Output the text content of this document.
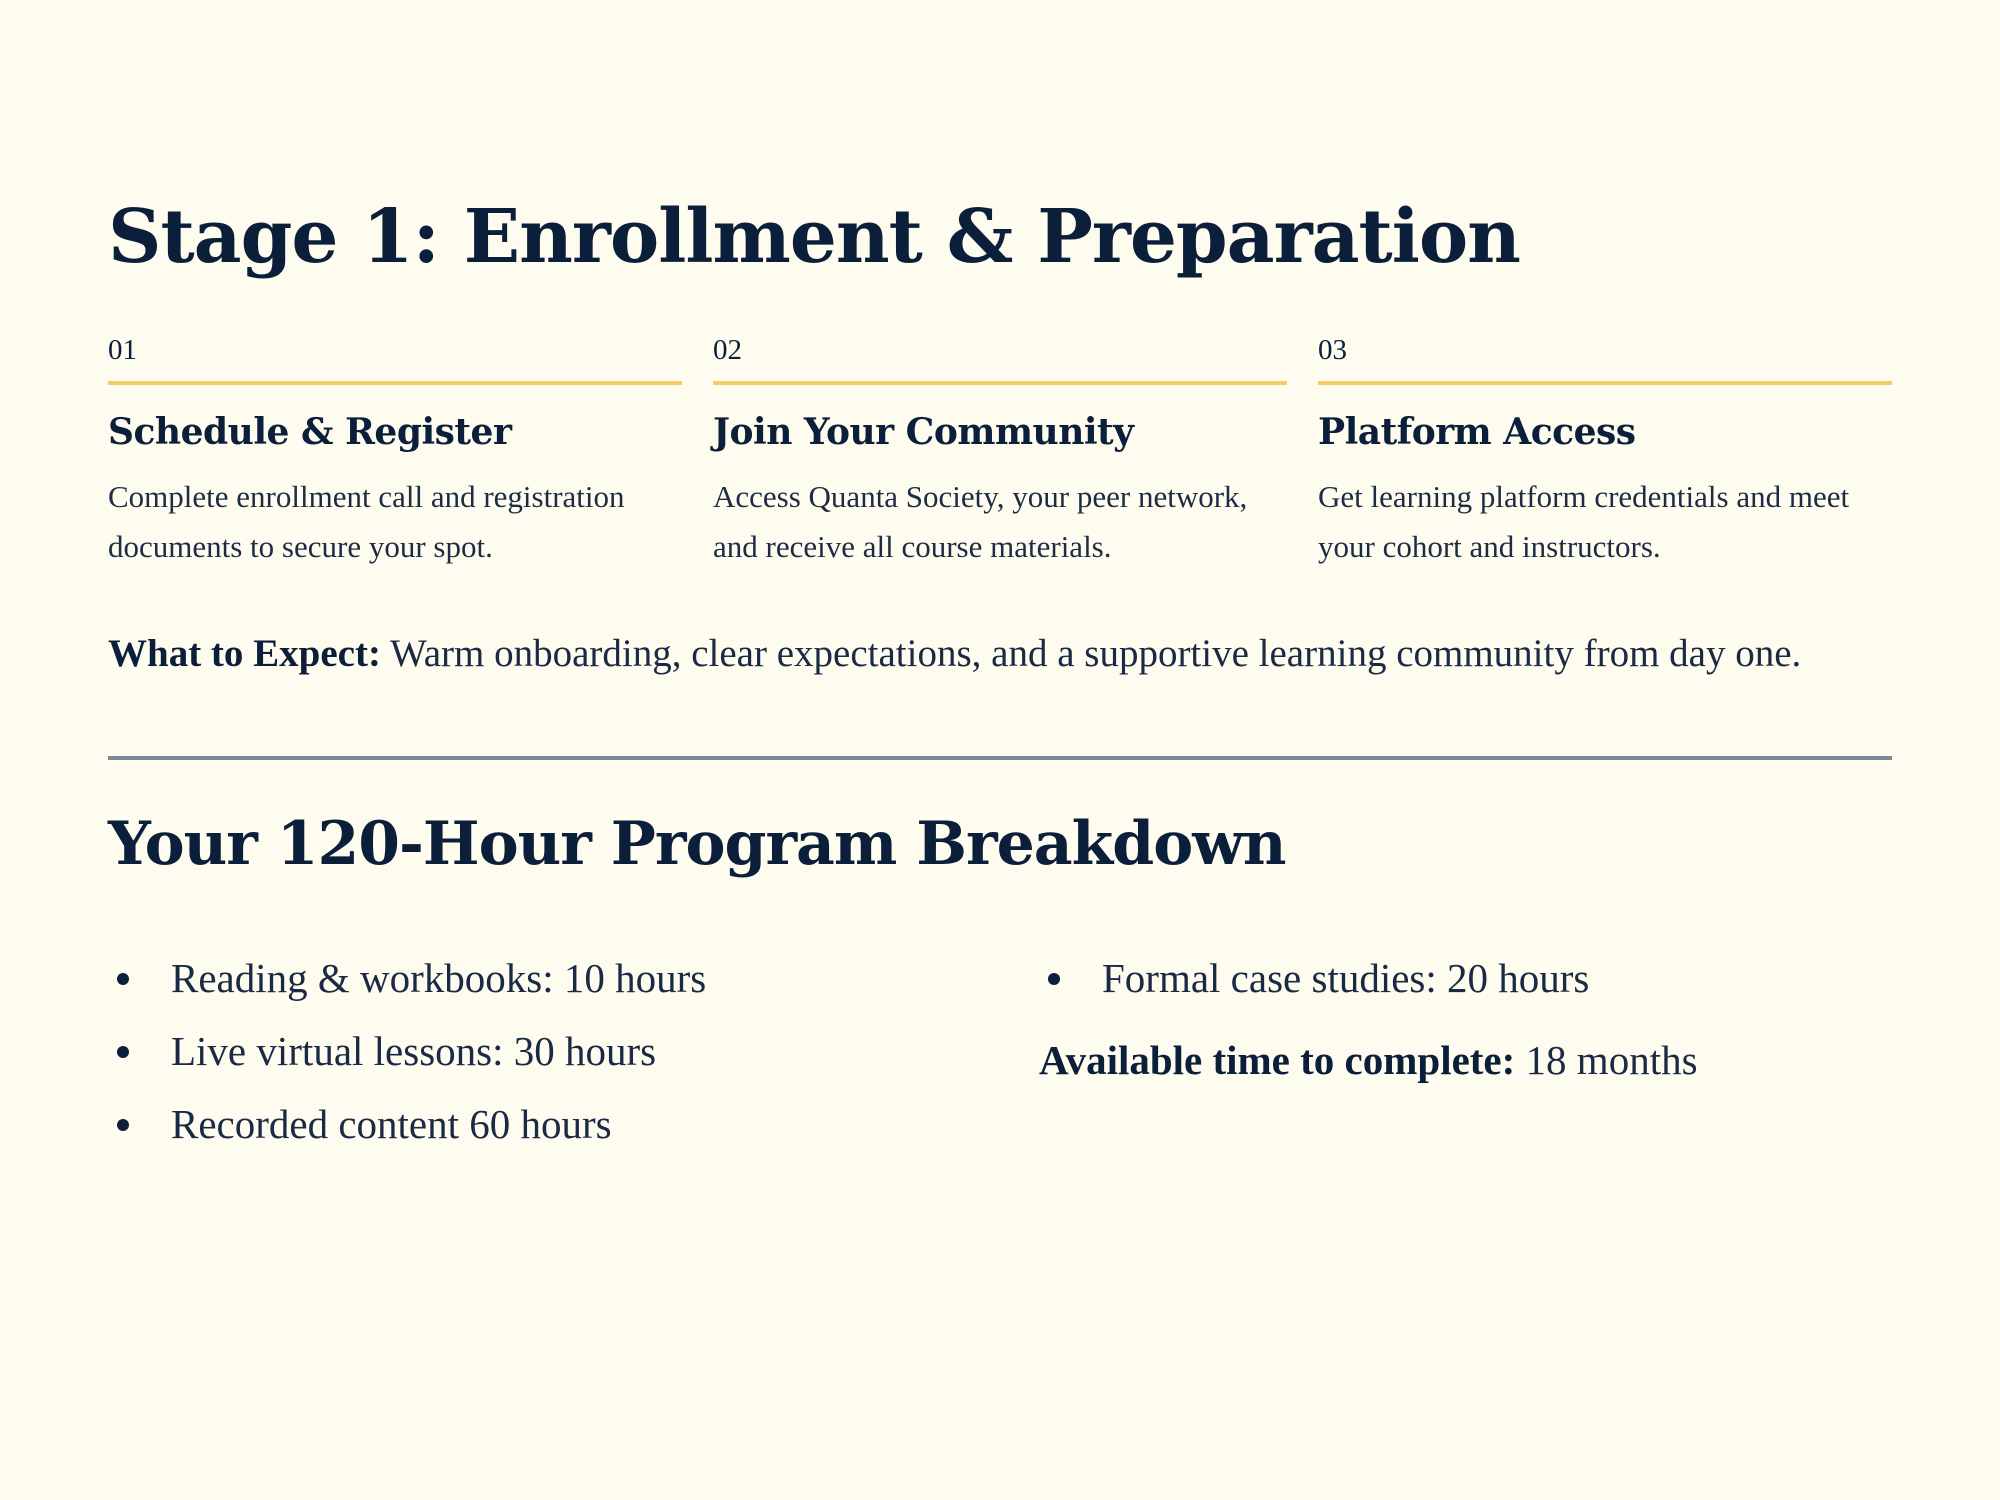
Stage 1: Enrollment & Preparation
01
Schedule & Register

Complete enrollment call and registration documents to secure your spot.

02
Join Your Community

Access Quanta Society, your peer network, and receive all course materials.

03
Platform Access

Get learning platform credentials and meet your cohort and instructors.

What to Expect: Warm onboarding, clear expectations, and a supportive learning community from day one.

Your 120-Hour Program Breakdown
Reading & workbooks: 10 hours
Live virtual lessons: 30 hours
Recorded content 60 hours
Formal case studies: 20 hours

Available time to complete: 18 months
